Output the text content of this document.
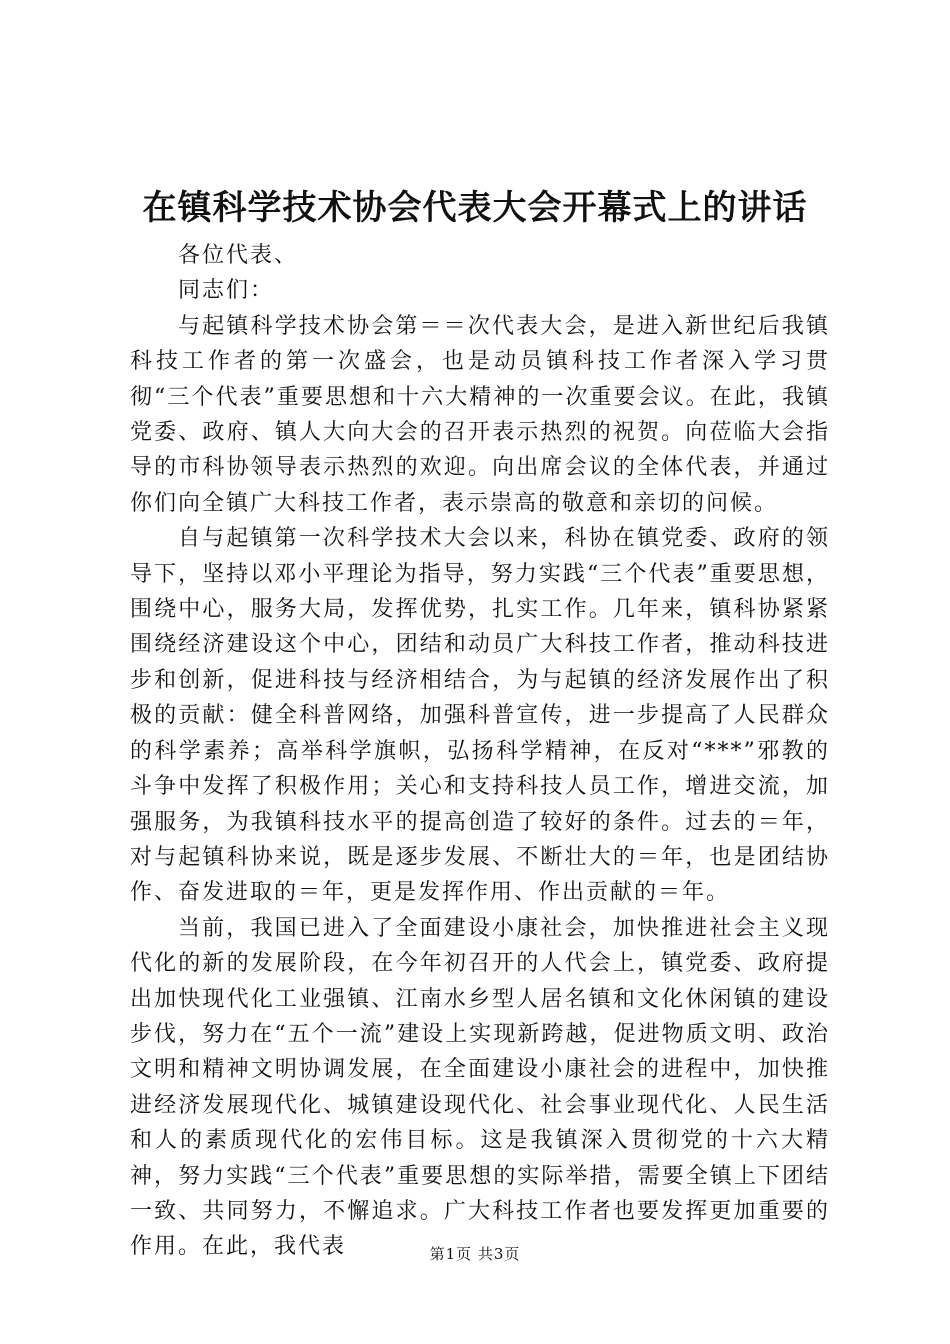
在镇科学技术协会代表大会开幕式上的讲话

各位代表、

同志们：

与起镇科学技术协会第＝＝次代表大会，是进入新世纪后我镇科技工作者的第一次盛会，也是动员镇科技工作者深入学习贯彻“三个代表”重要思想和十六大精神的一次重要会议。在此，我镇党委、政府、镇人大向大会的召开表示热烈的祝贺。向莅临大会指导的市科协领导表示热烈的欢迎。向出席会议的全体代表，并通过你们向全镇广大科技工作者，表示崇高的敬意和亲切的问候。

自与起镇第一次科学技术大会以来，科协在镇党委、政府的领导下，坚持以邓小平理论为指导，努力实践“三个代表”重要思想，围绕中心，服务大局，发挥优势，扎实工作。几年来，镇科协紧紧围绕经济建设这个中心，团结和动员广大科技工作者，推动科技进步和创新，促进科技与经济相结合，为与起镇的经济发展作出了积极的贡献：健全科普网络，加强科普宣传，进一步提高了人民群众的科学素养；高举科学旗帜，弘扬科学精神，在反对“***”邪教的斗争中发挥了积极作用；关心和支持科技人员工作，增进交流，加强服务，为我镇科技水平的提高创造了较好的条件。过去的＝年，对与起镇科协来说，既是逐步发展、不断壮大的＝年，也是团结协作、奋发进取的＝年，更是发挥作用、作出贡献的＝年。

当前，我国已进入了全面建设小康社会，加快推进社会主义现代化的新的发展阶段，在今年初召开的人代会上，镇党委、政府提出加快现代化工业强镇、江南水乡型人居名镇和文化休闲镇的建设步伐，努力在“五个一流”建设上实现新跨越，促进物质文明、政治文明和精神文明协调发展，在全面建设小康社会的进程中，加快推进经济发展现代化、城镇建设现代化、社会事业现代化、人民生活和人的素质现代化的宏伟目标。这是我镇深入贯彻党的十六大精神，努力实践“三个代表”重要思想的实际举措，需要全镇上下团结一致、共同努力，不懈追求。广大科技工作者也要发挥更加重要的作用。在此，我代表	第1页 共3页
